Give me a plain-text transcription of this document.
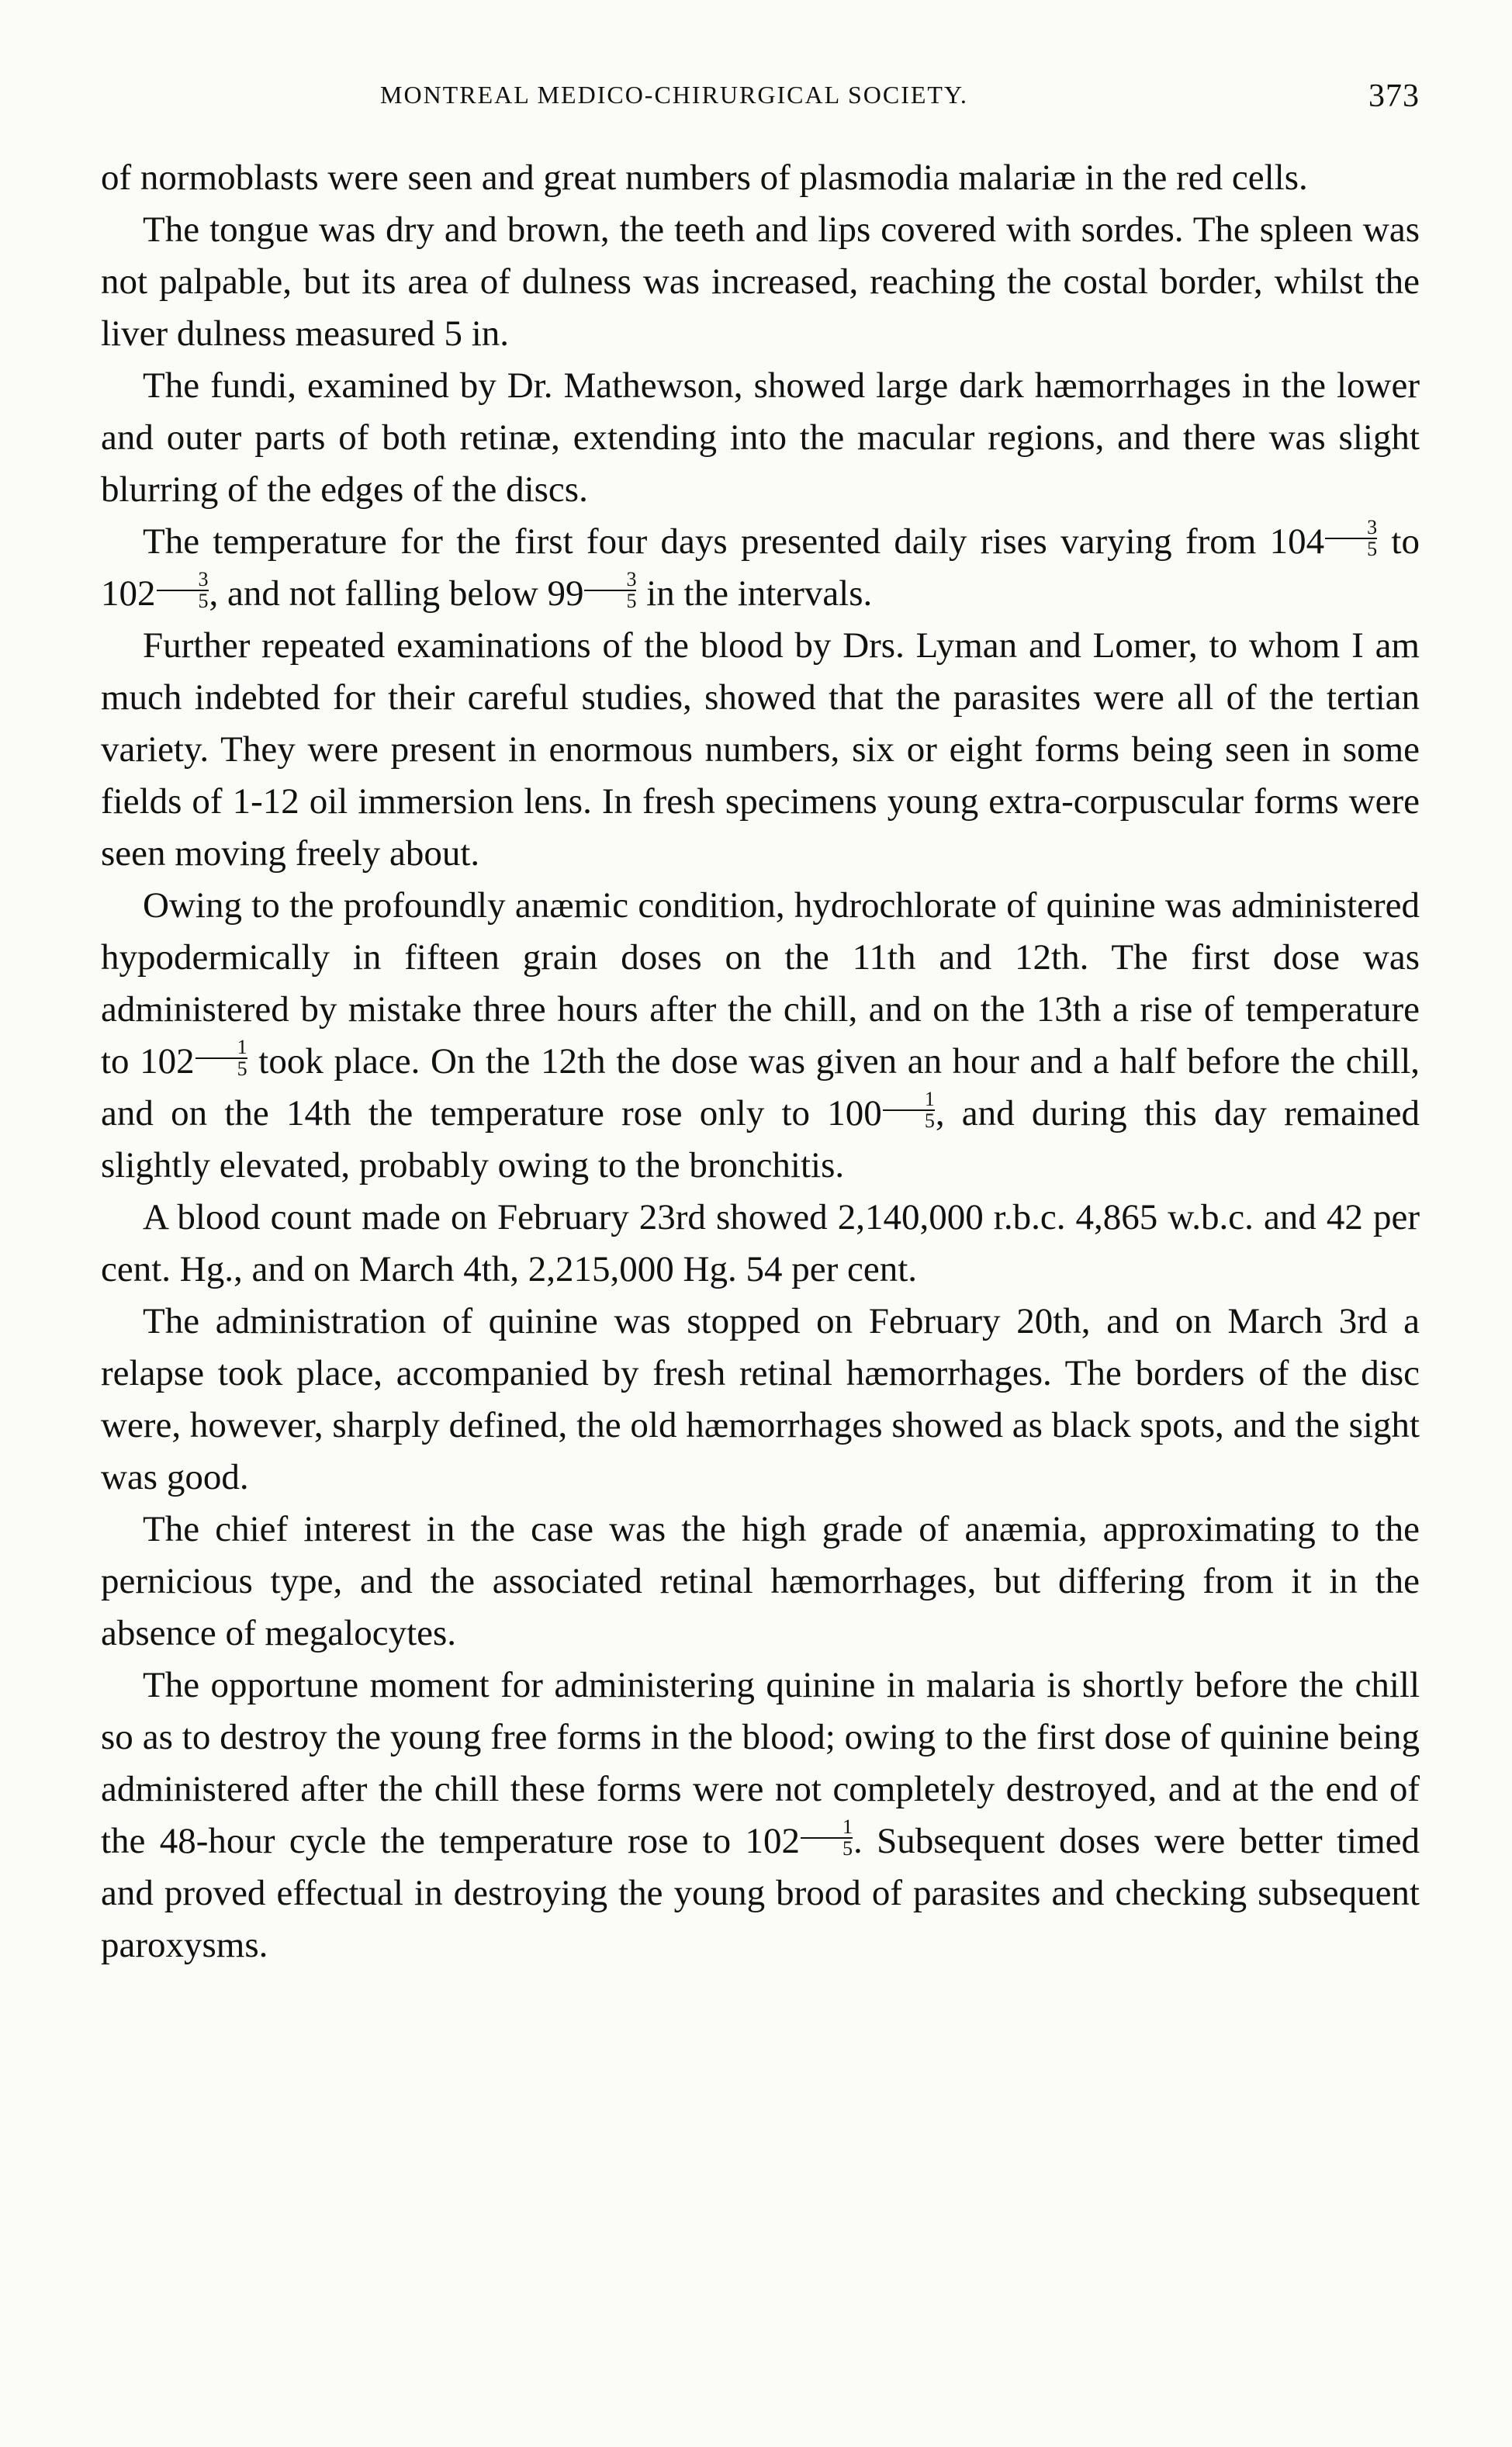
MONTREAL MEDICO-CHIRURGICAL SOCIETY.	373

of normoblasts were seen and great numbers of plasmodia malariæ in the red cells.

The tongue was dry and brown, the teeth and lips covered with sordes. The spleen was not palpable, but its area of dulness was increased, reaching the costal border, whilst the liver dulness measured 5 in.

The fundi, examined by Dr. Mathewson, showed large dark hæmorrhages in the lower and outer parts of both retinæ, extending into the macular regions, and there was slight blurring of the edges of the discs.

The temperature for the first four days presented daily rises varying from $104 \frac{3}{5}$ to $102 \frac{3}{5}$ , and not falling below $99 \frac{3}{5}$ in the intervals.

Further repeated examinations of the blood by Drs. Lyman and Lomer, to whom I am much indebted for their careful studies, showed that the parasites were all of the tertian variety. They were present in enormous numbers, six or eight forms being seen in some fields of 1-12 oil immersion lens. In fresh specimens young extra-corpuscular forms were seen moving freely about.

Owing to the profoundly anæmic condition, hydrochlorate of quinine was administered hypodermically in fifteen grain doses on the 11th and 12th. The first dose was administered by mistake three hours after the chill, and on the 13th a rise of temperature to $102 \frac{1}{5}$ took place. On the 12th the dose was given an hour and a half before the chill, and on the 14th the temperature rose only to $100 \frac{1}{5}$ , and during this day remained slightly elevated, probably owing to the bronchitis.

A blood count made on February 23rd showed 2,140,000 r.b.c. 4,865 w.b.c. and 42 per cent. Hg., and on March 4th, 2,215,000 Hg. 54 per cent.

The administration of quinine was stopped on February 20th, and on March 3rd a relapse took place, accompanied by fresh retinal hæmorrhages. The borders of the disc were, however, sharply defined, the old hæmorrhages showed as black spots, and the sight was good.

The chief interest in the case was the high grade of anæmia, approximating to the pernicious type, and the associated retinal hæmorrhages, but differing from it in the absence of megalocytes.

The opportune moment for administering quinine in malaria is shortly before the chill so as to destroy the young free forms in the blood; owing to the first dose of quinine being administered after the chill these forms were not completely destroyed, and at the end of the 48-hour cycle the temperature rose to $102 \frac{1}{5}$ . Subsequent doses were better timed and proved effectual in destroying the young brood of parasites and checking subsequent paroxysms.
